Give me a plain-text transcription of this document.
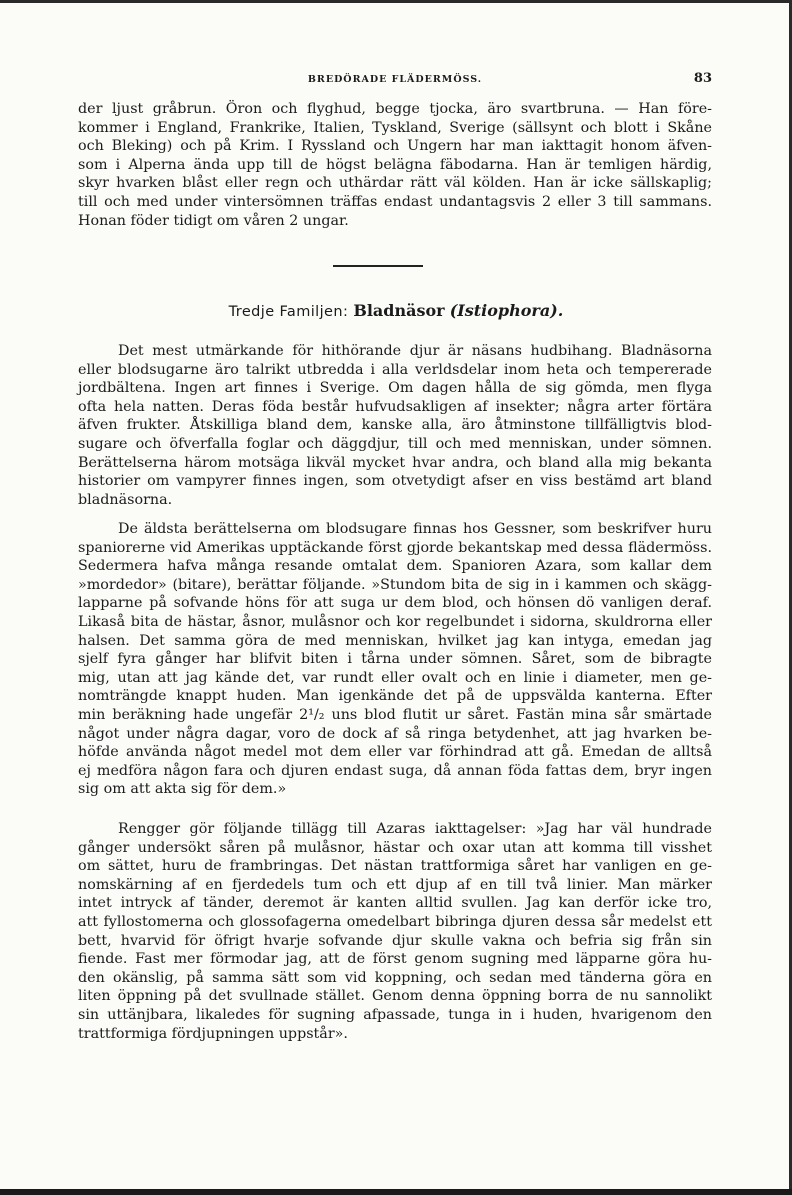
BREDÖRADE FLÄDERMÖSS.	83
der ljust gråbrun. Öron och flyghud, begge tjocka, äro svartbruna. — Han före-
kommer i England, Frankrike, Italien, Tyskland, Sverige (sällsynt och blott i Skåne
och Bleking) och på Krim. I Ryssland och Ungern har man iakttagit honom äfven-
som i Alperna ända upp till de högst belägna fäbodarna. Han är temligen härdig,
skyr hvarken blåst eller regn och uthärdar rätt väl kölden. Han är icke sällskaplig;
till och med under vintersömnen träffas endast undantagsvis 2 eller 3 till sammans.
Honan föder tidigt om våren 2 ungar.
Tredje Familjen: Bladnäsor (Istiophora).
Det mest utmärkande för hithörande djur är näsans hudbihang. Bladnäsorna
eller blodsugarne äro talrikt utbredda i alla verldsdelar inom heta och tempererade
jordbältena. Ingen art finnes i Sverige. Om dagen hålla de sig gömda, men flyga
ofta hela natten. Deras föda består hufvudsakligen af insekter; några arter förtära
äfven frukter. Åtskilliga bland dem, kanske alla, äro åtminstone tillfälligtvis blod-
sugare och öfverfalla foglar och däggdjur, till och med menniskan, under sömnen.
Berättelserna härom motsäga likväl mycket hvar andra, och bland alla mig bekanta
historier om vampyrer finnes ingen, som otvetydigt afser en viss bestämd art bland
bladnäsorna.
De äldsta berättelserna om blodsugare finnas hos Gessner, som beskrifver huru
spaniorerne vid Amerikas upptäckande först gjorde bekantskap med dessa flädermöss.
Sedermera hafva många resande omtalat dem. Spanioren Azara, som kallar dem
»mordedor» (bitare), berättar följande. »Stundom bita de sig in i kammen och skägg-
lapparne på sofvande höns för att suga ur dem blod, och hönsen dö vanligen deraf.
Likaså bita de hästar, åsnor, mulåsnor och kor regelbundet i sidorna, skuldrorna eller
halsen. Det samma göra de med menniskan, hvilket jag kan intyga, emedan jag
sjelf fyra gånger har blifvit biten i tårna under sömnen. Såret, som de bibragte
mig, utan att jag kände det, var rundt eller ovalt och en linie i diameter, men ge-
nomträngde knappt huden. Man igenkände det på de uppsvälda kanterna. Efter
min beräkning hade ungefär 2¹/₂ uns blod flutit ur såret. Fastän mina sår smärtade
något under några dagar, voro de dock af så ringa betydenhet, att jag hvarken be-
höfde använda något medel mot dem eller var förhindrad att gå. Emedan de alltså
ej medföra någon fara och djuren endast suga, då annan föda fattas dem, bryr ingen
sig om att akta sig för dem.»
Rengger gör följande tillägg till Azaras iakttagelser: »Jag har väl hundrade
gånger undersökt såren på mulåsnor, hästar och oxar utan att komma till visshet
om sättet, huru de frambringas. Det nästan trattformiga såret har vanligen en ge-
nomskärning af en fjerdedels tum och ett djup af en till två linier. Man märker
intet intryck af tänder, deremot är kanten alltid svullen. Jag kan derför icke tro,
att fyllostomerna och glossofagerna omedelbart bibringa djuren dessa sår medelst ett
bett, hvarvid för öfrigt hvarje sofvande djur skulle vakna och befria sig från sin
fiende. Fast mer förmodar jag, att de först genom sugning med läpparne göra hu-
den okänslig, på samma sätt som vid koppning, och sedan med tänderna göra en
liten öppning på det svullnade stället. Genom denna öppning borra de nu sannolikt
sin uttänjbara, likaledes för sugning afpassade, tunga in i huden, hvarigenom den
trattformiga fördjupningen uppstår».
